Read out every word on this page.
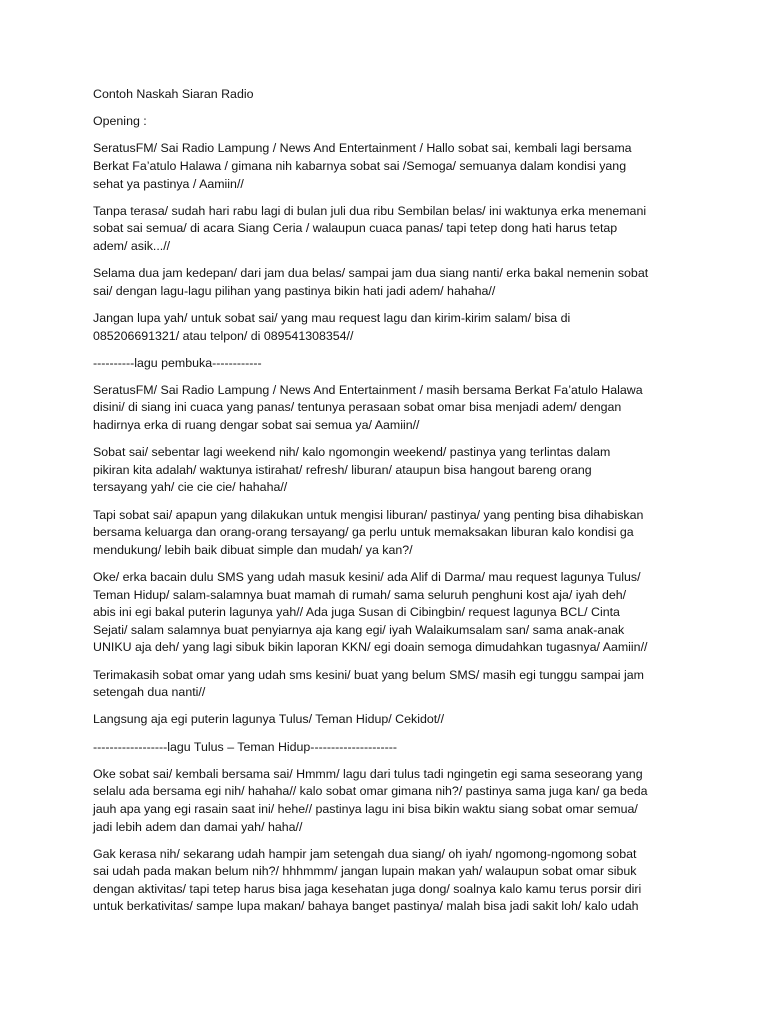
Contoh Naskah Siaran Radio

Opening :

SeratusFM/ Sai Radio Lampung / News And Entertainment / Hallo sobat sai, kembali lagi bersama
Berkat Fa’atulo Halawa / gimana nih kabarnya sobat sai /Semoga/ semuanya dalam kondisi yang
sehat ya pastinya / Aamiin//

Tanpa terasa/ sudah hari rabu lagi di bulan juli dua ribu Sembilan belas/ ini waktunya erka menemani
sobat sai semua/ di acara Siang Ceria / walaupun cuaca panas/ tapi tetep dong hati harus tetap
adem/ asik...//

Selama dua jam kedepan/ dari jam dua belas/ sampai jam dua siang nanti/ erka bakal nemenin sobat
sai/ dengan lagu-lagu pilihan yang pastinya bikin hati jadi adem/ hahaha//

Jangan lupa yah/ untuk sobat sai/ yang mau request lagu dan kirim-kirim salam/ bisa di
085206691321/ atau telpon/ di 089541308354//

----------lagu pembuka------------

SeratusFM/ Sai Radio Lampung / News And Entertainment / masih bersama Berkat Fa’atulo Halawa
disini/ di siang ini cuaca yang panas/ tentunya perasaan sobat omar bisa menjadi adem/ dengan
hadirnya erka di ruang dengar sobat sai semua ya/ Aamiin//

Sobat sai/ sebentar lagi weekend nih/ kalo ngomongin weekend/ pastinya yang terlintas dalam
pikiran kita adalah/ waktunya istirahat/ refresh/ liburan/ ataupun bisa hangout bareng orang
tersayang yah/ cie cie cie/ hahaha//

Tapi sobat sai/ apapun yang dilakukan untuk mengisi liburan/ pastinya/ yang penting bisa dihabiskan
bersama keluarga dan orang-orang tersayang/ ga perlu untuk memaksakan liburan kalo kondisi ga
mendukung/ lebih baik dibuat simple dan mudah/ ya kan?/

Oke/ erka bacain dulu SMS yang udah masuk kesini/ ada Alif di Darma/ mau request lagunya Tulus/
Teman Hidup/ salam-salamnya buat mamah di rumah/ sama seluruh penghuni kost aja/ iyah deh/
abis ini egi bakal puterin lagunya yah// Ada juga Susan di Cibingbin/ request lagunya BCL/ Cinta
Sejati/ salam salamnya buat penyiarnya aja kang egi/ iyah Walaikumsalam san/ sama anak-anak
UNIKU aja deh/ yang lagi sibuk bikin laporan KKN/ egi doain semoga dimudahkan tugasnya/ Aamiin//

Terimakasih sobat omar yang udah sms kesini/ buat yang belum SMS/ masih egi tunggu sampai jam
setengah dua nanti//

Langsung aja egi puterin lagunya Tulus/ Teman Hidup/ Cekidot//

------------------lagu Tulus – Teman Hidup---------------------

Oke sobat sai/ kembali bersama sai/ Hmmm/ lagu dari tulus tadi ngingetin egi sama seseorang yang
selalu ada bersama egi nih/ hahaha// kalo sobat omar gimana nih?/ pastinya sama juga kan/ ga beda
jauh apa yang egi rasain saat ini/ hehe// pastinya lagu ini bisa bikin waktu siang sobat omar semua/
jadi lebih adem dan damai yah/ haha//

Gak kerasa nih/ sekarang udah hampir jam setengah dua siang/ oh iyah/ ngomong-ngomong sobat
sai udah pada makan belum nih?/ hhhmmm/ jangan lupain makan yah/ walaupun sobat omar sibuk
dengan aktivitas/ tapi tetep harus bisa jaga kesehatan juga dong/ soalnya kalo kamu terus porsir diri
untuk berkativitas/ sampe lupa makan/ bahaya banget pastinya/ malah bisa jadi sakit loh/ kalo udah
